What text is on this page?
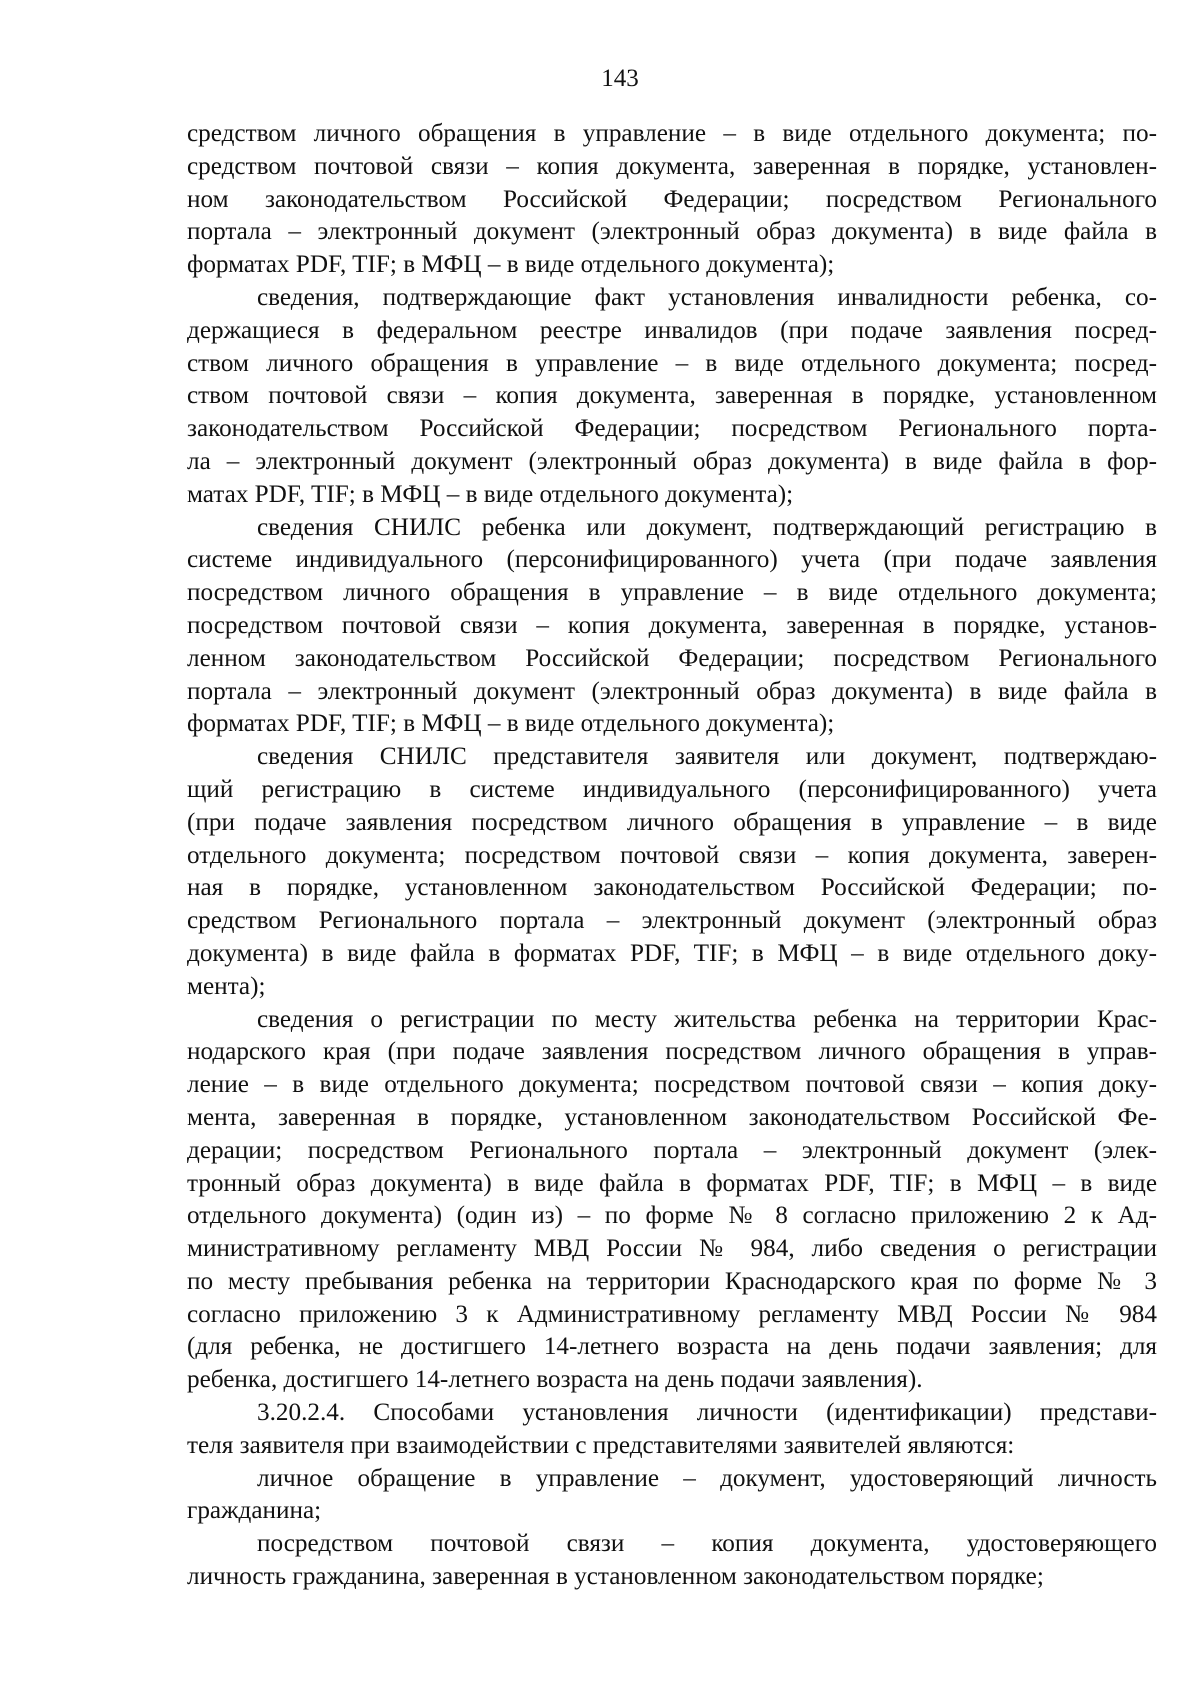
143

средством личного обращения в управление – в виде отдельного документа; по-
средством почтовой связи – копия документа, заверенная в порядке, установлен-
ном законодательством Российской Федерации; посредством Регионального
портала – электронный документ (электронный образ документа) в виде файла в
форматах PDF, TIF; в МФЦ – в виде отдельного документа);

сведения, подтверждающие факт установления инвалидности ребенка, со-
держащиеся в федеральном реестре инвалидов (при подаче заявления посред-
ством личного обращения в управление – в виде отдельного документа; посред-
ством почтовой связи – копия документа, заверенная в порядке, установленном
законодательством Российской Федерации; посредством Регионального порта-
ла – электронный документ (электронный образ документа) в виде файла в фор-
матах PDF, TIF; в МФЦ – в виде отдельного документа);

сведения СНИЛС ребенка или документ, подтверждающий регистрацию в
системе индивидуального (персонифицированного) учета (при подаче заявления
посредством личного обращения в управление – в виде отдельного документа;
посредством почтовой связи – копия документа, заверенная в порядке, установ-
ленном законодательством Российской Федерации; посредством Регионального
портала – электронный документ (электронный образ документа) в виде файла в
форматах PDF, TIF; в МФЦ – в виде отдельного документа);

сведения СНИЛС представителя заявителя или документ, подтверждаю-
щий регистрацию в системе индивидуального (персонифицированного) учета
(при подаче заявления посредством личного обращения в управление – в виде
отдельного документа; посредством почтовой связи – копия документа, заверен-
ная в порядке, установленном законодательством Российской Федерации; по-
средством Регионального портала – электронный документ (электронный образ
документа) в виде файла в форматах PDF, TIF; в МФЦ – в виде отдельного доку-
мента);

сведения о регистрации по месту жительства ребенка на территории Крас-
нодарского края (при подаче заявления посредством личного обращения в управ-
ление – в виде отдельного документа; посредством почтовой связи – копия доку-
мента, заверенная в порядке, установленном законодательством Российской Фе-
дерации; посредством Регионального портала – электронный документ (элек-
тронный образ документа) в виде файла в форматах PDF, TIF; в МФЦ – в виде
отдельного документа) (один из) – по форме № 8 согласно приложению 2 к Ад-
министративному регламенту МВД России № 984, либо сведения о регистрации
по месту пребывания ребенка на территории Краснодарского края по форме № 3
согласно приложению 3 к Административному регламенту МВД России № 984
(для ребенка, не достигшего 14-летнего возраста на день подачи заявления; для
ребенка, достигшего 14-летнего возраста на день подачи заявления).

3.20.2.4. Способами установления личности (идентификации) представи-
теля заявителя при взаимодействии с представителями заявителей являются:

личное обращение в управление – документ, удостоверяющий личность
гражданина;

посредством почтовой связи – копия документа, удостоверяющего
личность гражданина, заверенная в установленном законодательством порядке;
